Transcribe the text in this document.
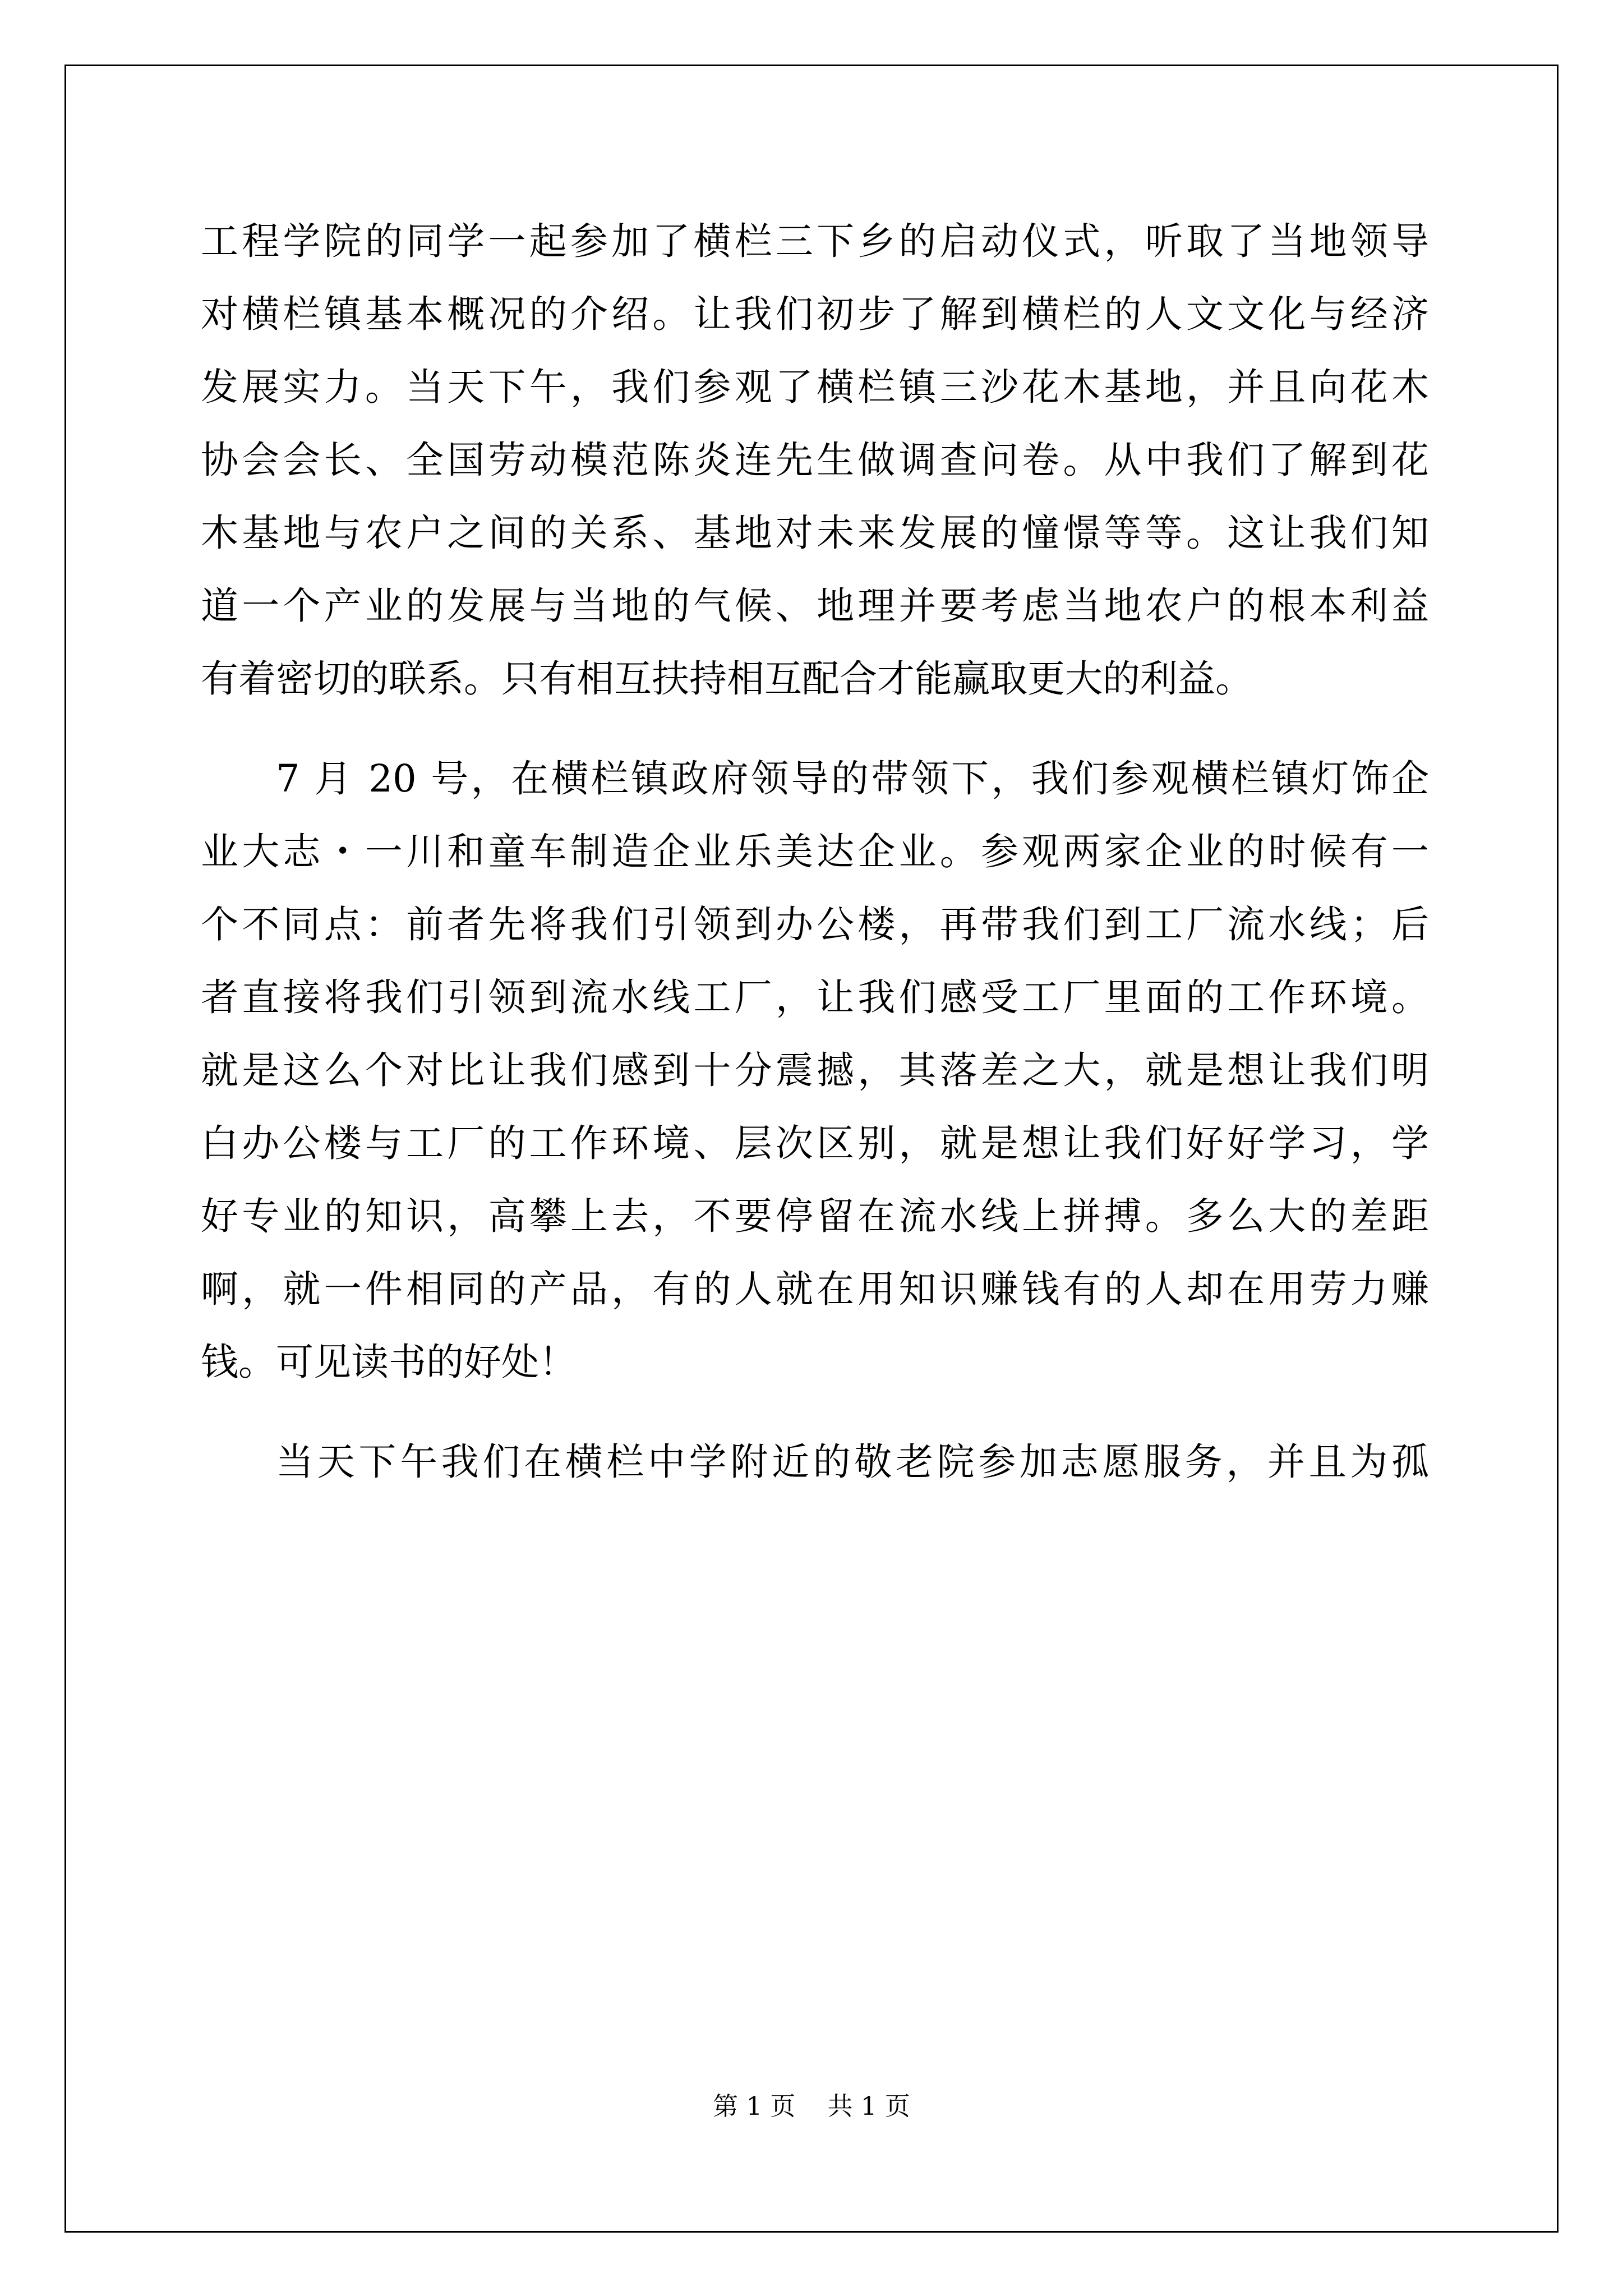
工程学院的同学一起参加了横栏三下乡的启动仪式，听取了当地领导
对横栏镇基本概况的介绍。让我们初步了解到横栏的人文文化与经济
发展实力。当天下午，我们参观了横栏镇三沙花木基地，并且向花木
协会会长、全国劳动模范陈炎连先生做调查问卷。从中我们了解到花
木基地与农户之间的关系、基地对未来发展的憧憬等等。这让我们知
道一个产业的发展与当地的气候、地理并要考虑当地农户的根本利益
有着密切的联系。只有相互扶持相互配合才能赢取更大的利益。

7 月 20 号，在横栏镇政府领导的带领下，我们参观横栏镇灯饰企
业大志・一川和童车制造企业乐美达企业。参观两家企业的时候有一
个不同点：前者先将我们引领到办公楼，再带我们到工厂流水线；后
者直接将我们引领到流水线工厂，让我们感受工厂里面的工作环境。
就是这么个对比让我们感到十分震撼，其落差之大，就是想让我们明
白办公楼与工厂的工作环境、层次区别，就是想让我们好好学习，学
好专业的知识，高攀上去，不要停留在流水线上拼搏。多么大的差距
啊，就一件相同的产品，有的人就在用知识赚钱有的人却在用劳力赚
钱。可见读书的好处！

当天下午我们在横栏中学附近的敬老院参加志愿服务，并且为孤

第 1 页 共 1 页
